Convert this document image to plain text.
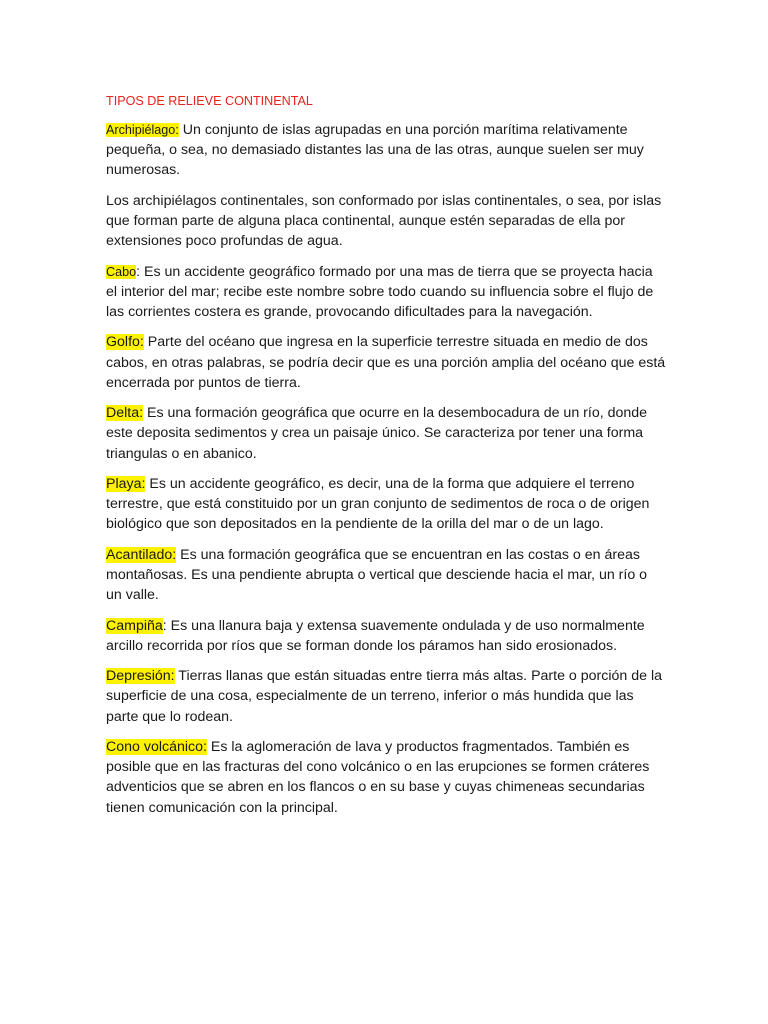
TIPOS DE RELIEVE CONTINENTAL

Archipiélago: Un conjunto de islas agrupadas en una porción marítima relativamente pequeña, o sea, no demasiado distantes las una de las otras, aunque suelen ser muy numerosas.

Los archipiélagos continentales, son conformado por islas continentales, o sea, por islas que forman parte de alguna placa continental, aunque estén separadas de ella por extensiones poco profundas de agua.

Cabo: Es un accidente geográfico formado por una mas de tierra que se proyecta hacia el interior del mar; recibe este nombre sobre todo cuando su influencia sobre el flujo de las corrientes costera es grande, provocando dificultades para la navegación.

Golfo: Parte del océano que ingresa en la superficie terrestre situada en medio de dos cabos, en otras palabras, se podría decir que es una porción amplia del océano que está encerrada por puntos de tierra.

Delta: Es una formación geográfica que ocurre en la desembocadura de un río, donde este deposita sedimentos y crea un paisaje único. Se caracteriza por tener una forma triangulas o en abanico.

Playa: Es un accidente geográfico, es decir, una de la forma que adquiere el terreno terrestre, que está constituido por un gran conjunto de sedimentos de roca o de origen biológico que son depositados en la pendiente de la orilla del mar o de un lago.

Acantilado: Es una formación geográfica que se encuentran en las costas o en áreas montañosas. Es una pendiente abrupta o vertical que desciende hacia el mar, un río o un valle.

Campiña: Es una llanura baja y extensa suavemente ondulada y de uso normalmente arcillo recorrida por ríos que se forman donde los páramos han sido erosionados.

Depresión: Tierras llanas que están situadas entre tierra más altas. Parte o porción de la superficie de una cosa, especialmente de un terreno, inferior o más hundida que las parte que lo rodean.

Cono volcánico: Es la aglomeración de lava y productos fragmentados. También es posible que en las fracturas del cono volcánico o en las erupciones se formen cráteres adventicios que se abren en los flancos o en su base y cuyas chimeneas secundarias tienen comunicación con la principal.
